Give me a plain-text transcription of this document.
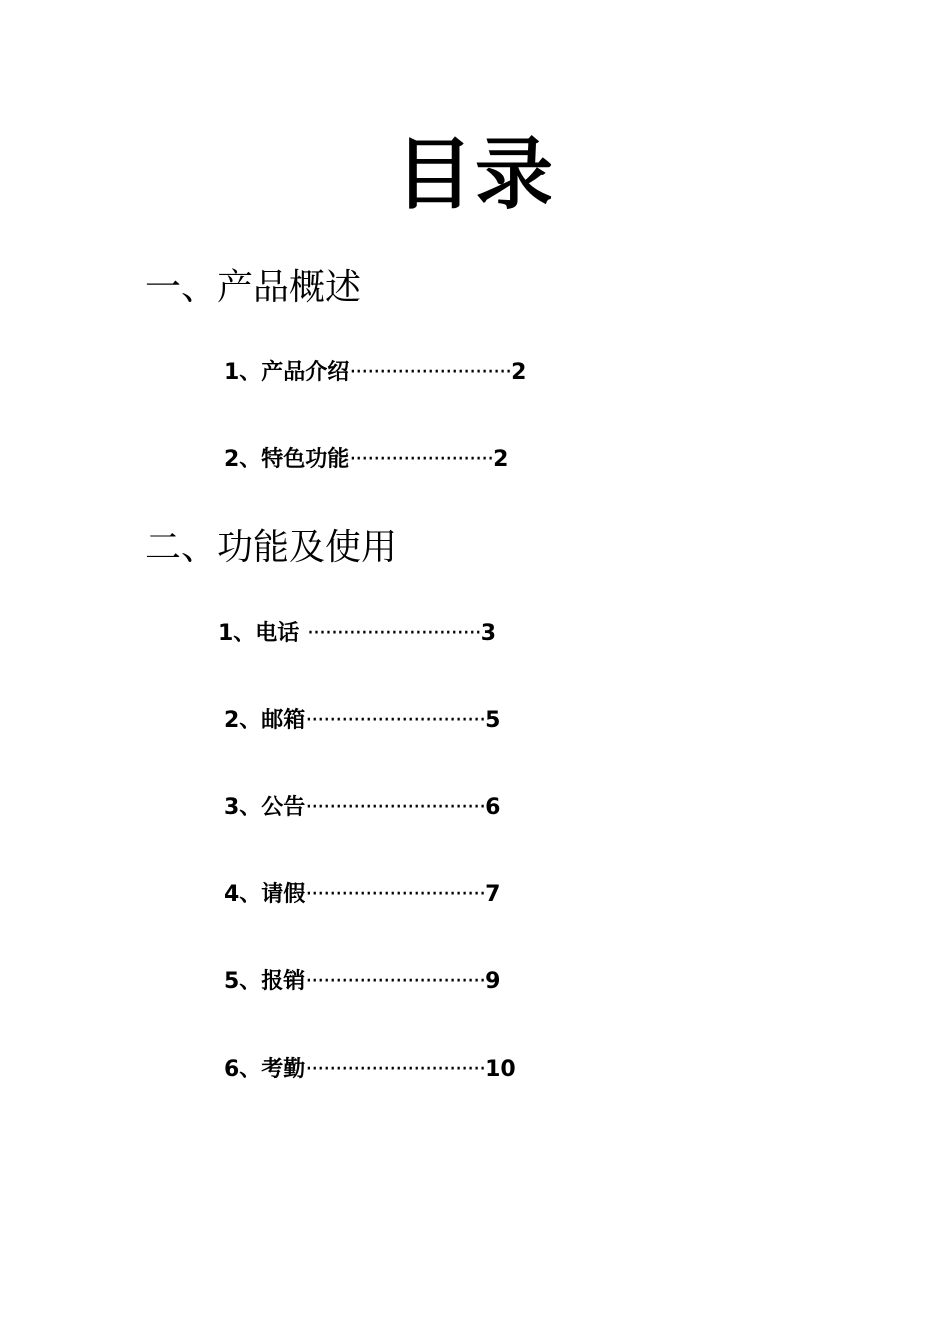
目录
一、产品概述
1、产品介绍···························2
2、特色功能························2
二、功能及使用
1、电话 ·····························3
2、邮箱······························5
3、公告······························6
4、请假······························7
5、报销······························9
6、考勤······························10
